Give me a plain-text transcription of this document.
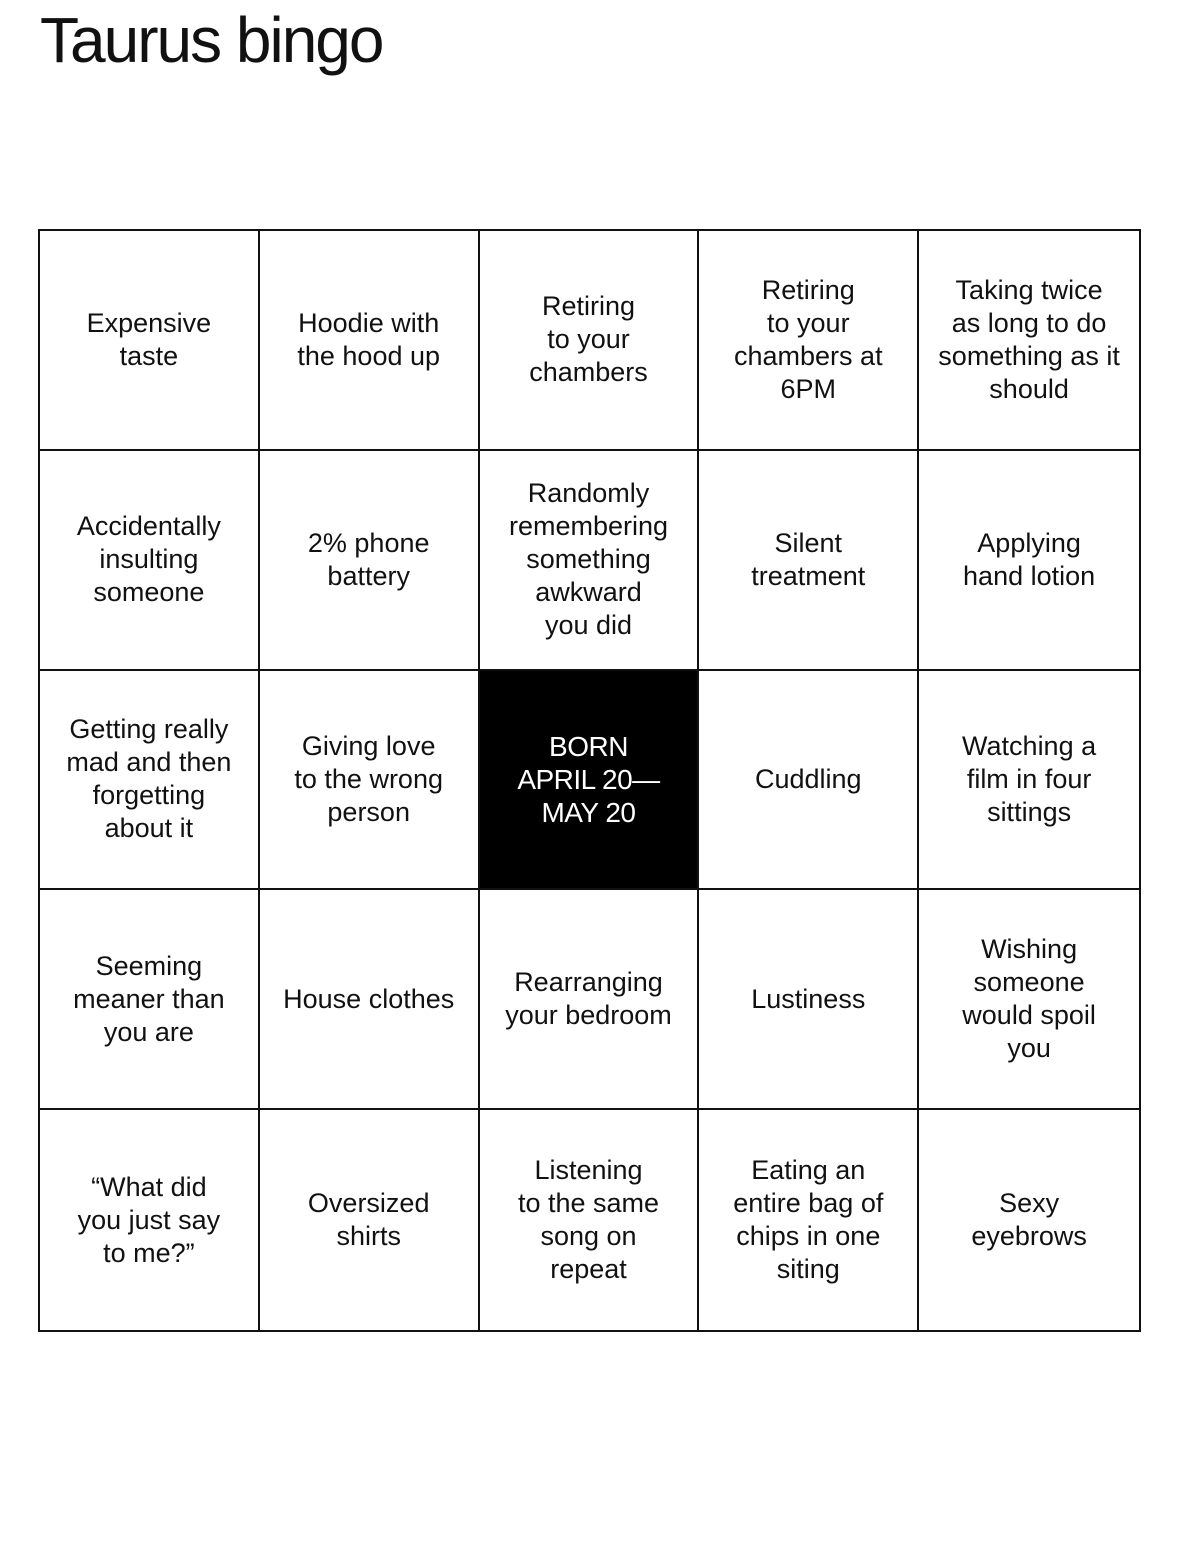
Taurus bingo
Expensive
taste
Hoodie with
the hood up
Retiring
to your
chambers
Retiring
to your
chambers at
6PM
Taking twice
as long to do
something as it
should
Accidentally
insulting
someone
2% phone
battery
Randomly
remembering
something
awkward
you did
Silent
treatment
Applying
hand lotion
Getting really
mad and then
forgetting
about it
Giving love
to the wrong
person
BORN
APRIL 20—
MAY 20
Cuddling
Watching a
film in four
sittings
Seeming
meaner than
you are
House clothes
Rearranging
your bedroom
Lustiness
Wishing
someone
would spoil
you
“What did
you just say
to me?”
Oversized
shirts
Listening
to the same
song on
repeat
Eating an
entire bag of
chips in one
siting
Sexy
eyebrows
